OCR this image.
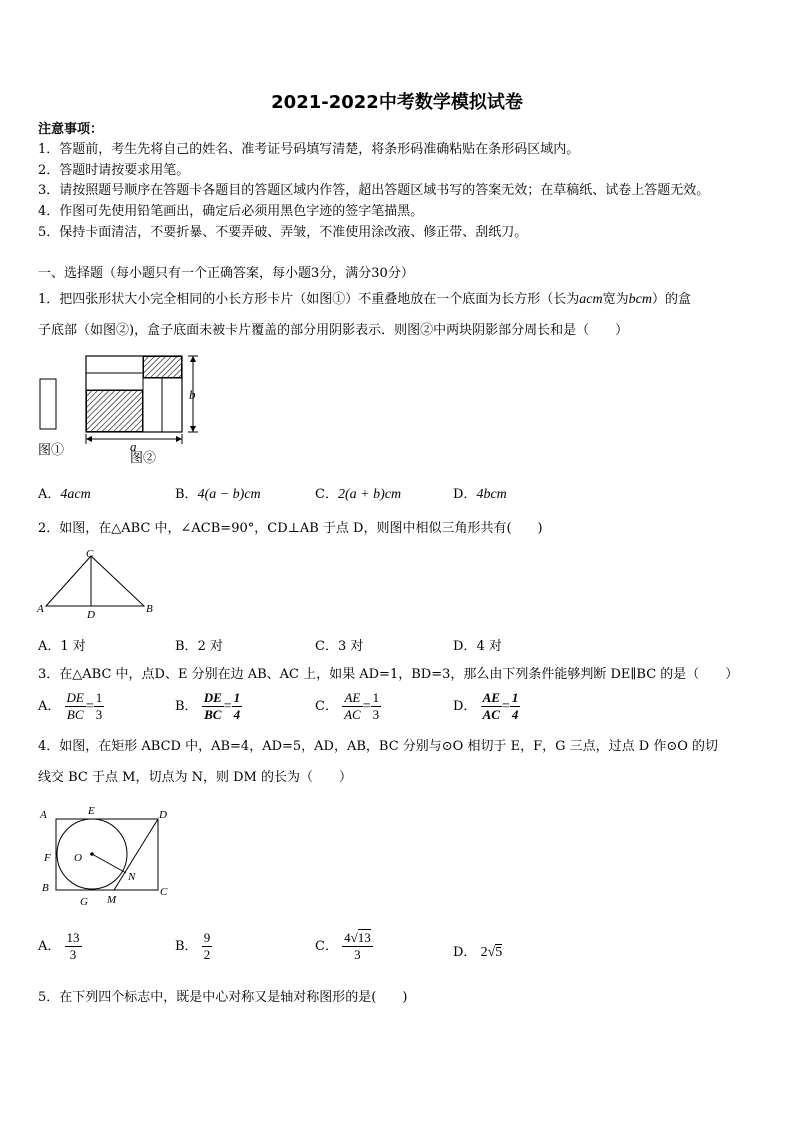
2021-2022中考数学模拟试卷
注意事项：
1．答题前，考生先将自己的姓名、准考证号码填写清楚，将条形码准确粘贴在条形码区域内。
2．答题时请按要求用笔。
3．请按照题号顺序在答题卡各题目的答题区域内作答，超出答题区域书写的答案无效；在草稿纸、试卷上答题无效。
4．作图可先使用铅笔画出，确定后必须用黑色字迹的签字笔描黑。
5．保持卡面清洁，不要折暴、不要弄破、弄皱，不准使用涂改液、修正带、刮纸刀。
一、选择题（每小题只有一个正确答案，每小题3分，满分30分）
1．把四张形状大小完全相同的小长方形卡片（如图①）不重叠地放在一个底面为长方形（长为acm宽为bcm）的盒
子底部（如图②)，盒子底面未被卡片覆盖的部分用阴影表示．则图②中两块阴影部分周长和是（　　）
b
a
图①
图②
A．4acm	B．4(a − b)cm	C．2(a + b)cm	D．4bcm
2．如图，在△ABC 中，∠ACB=90°，CD⊥AB 于点 D，则图中相似三角形共有(　　)
C
A	B
D
A．1 对	B．2 对	C．3 对	D．4 对
3．在△ABC 中，点D、E 分别在边 AB、AC 上，如果 AD=1，BD=3，那么由下列条件能够判断 DE∥BC 的是（　　）
A． $\frac{DE}{BC} = \frac{1}{3}$	B． $\frac{DE}{BC} = \frac{1}{4}$	C． $\frac{AE}{AC} = \frac{1}{3}$	D． $\frac{AE}{AC} = \frac{1}{4}$
4．如图，在矩形 ABCD 中，AB=4，AD=5，AD，AB，BC 分别与⊙O 相切于 E，F，G 三点，过点 D 作⊙O 的切
线交 BC 于点 M，切点为 N，则 DM 的长为（　　）
A	E	D
F O
N
B	C
G M
A． $\frac{13}{3}$	B． $\frac{9}{2}$	C． $\frac{4√13}{3}$	D． 2√5
5．在下列四个标志中，既是中心对称又是轴对称图形的是(　　)
